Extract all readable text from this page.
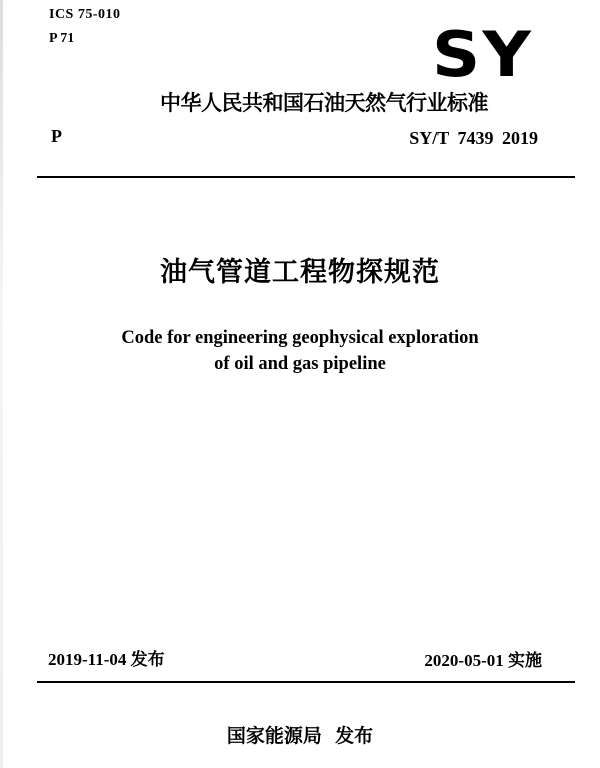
ICS 75-010
P 71	SY
中华人民共和国石油天然气行业标准
P	SY/T 7439 2019
油气管道工程物探规范
Code for engineering geophysical exploration
of oil and gas pipeline
2019-11-04 发布	2020-05-01 实施
国家能源局  发布
